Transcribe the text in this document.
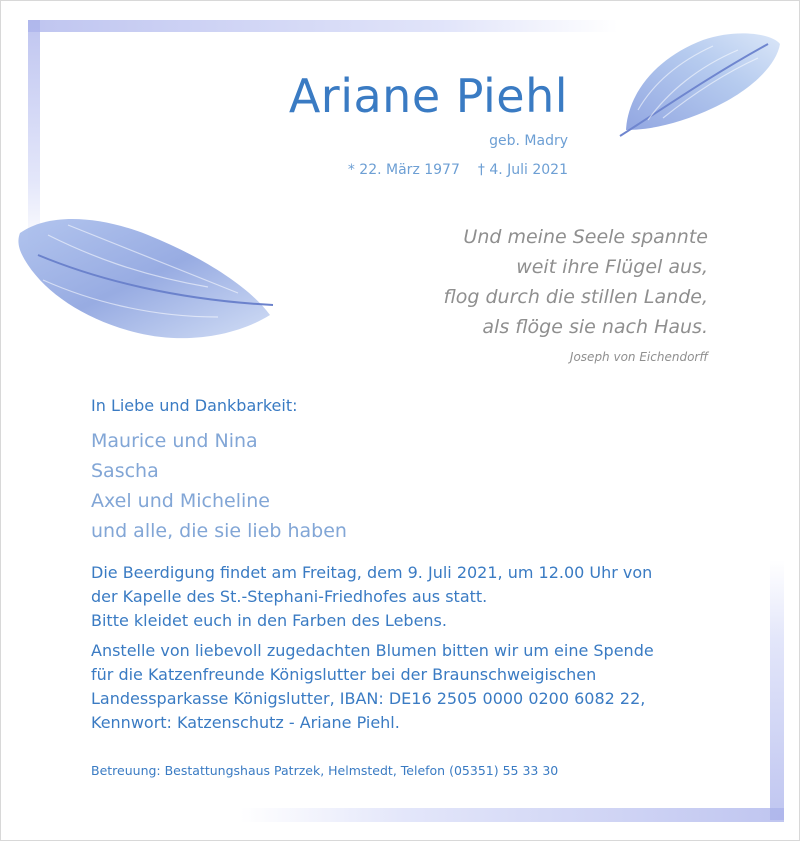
Ariane Piehl
geb. Madry
* 22. März 1977 † 4. Juli 2021
Und meine Seele spannte
weit ihre Flügel aus,
flog durch die stillen Lande,
als flöge sie nach Haus.
Joseph von Eichendorff
In Liebe und Dankbarkeit:
Maurice und Nina
Sascha
Axel und Micheline
und alle, die sie lieb haben
Die Beerdigung findet am Freitag, dem 9. Juli 2021, um 12.00 Uhr von
der Kapelle des St.-Stephani-Friedhofes aus statt.
Bitte kleidet euch in den Farben des Lebens.
Anstelle von liebevoll zugedachten Blumen bitten wir um eine Spende
für die Katzenfreunde Königslutter bei der Braunschweigischen
Landessparkasse Königslutter, IBAN: DE16 2505 0000 0200 6082 22,
Kennwort: Katzenschutz - Ariane Piehl.
Betreuung: Bestattungshaus Patrzek, Helmstedt, Telefon (05351) 55 33 30
